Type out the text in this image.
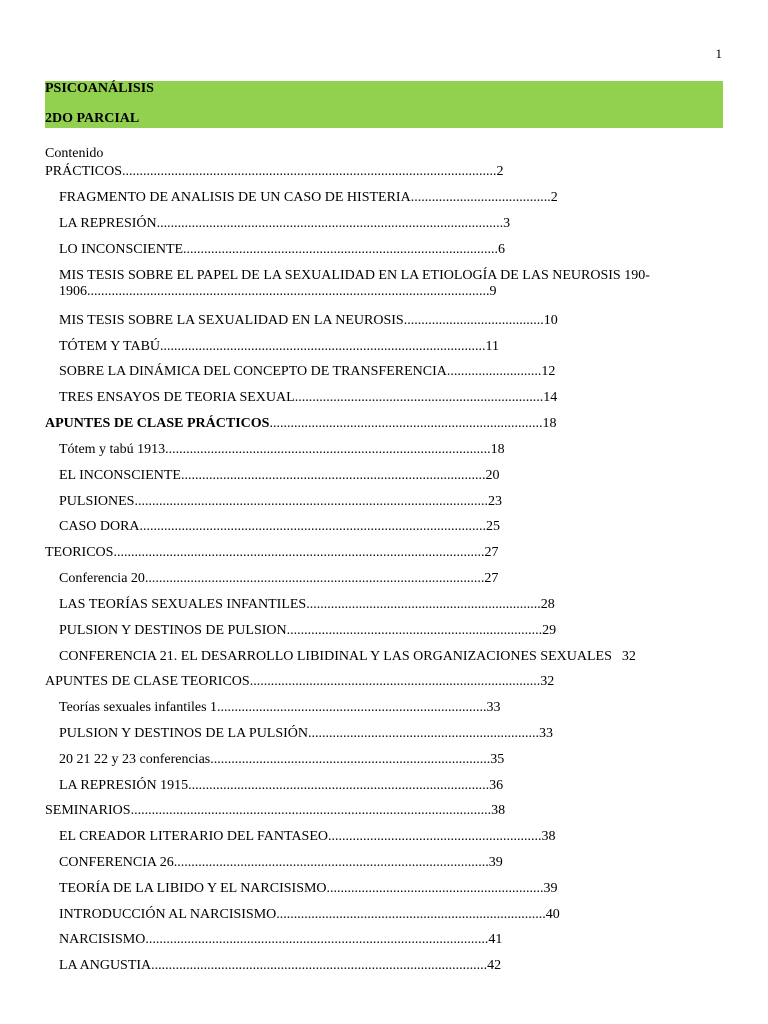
1
PSICOANÁLISIS
2DO PARCIAL
Contenido
PRÁCTICOS...........................................................................................................2
FRAGMENTO DE ANALISIS DE UN CASO DE HISTERIA........................................2
LA REPRESIÓN...................................................................................................3
LO INCONSCIENTE..........................................................................................6
MIS TESIS SOBRE EL PAPEL DE LA SEXUALIDAD EN LA ETIOLOGÍA DE LAS NEUROSIS 190-
1906...................................................................................................................9
MIS TESIS SOBRE LA SEXUALIDAD EN LA NEUROSIS........................................10
TÓTEM Y TABÚ.............................................................................................11
SOBRE LA DINÁMICA DEL CONCEPTO DE TRANSFERENCIA...........................12
TRES ENSAYOS DE TEORIA SEXUAL.......................................................................14
APUNTES DE CLASE PRÁCTICOS..............................................................................18
Tótem y tabú 1913.............................................................................................18
EL INCONSCIENTE.......................................................................................20
PULSIONES.....................................................................................................23
CASO DORA...................................................................................................25
TEORICOS..........................................................................................................27
Conferencia 20.................................................................................................27
LAS TEORÍAS SEXUALES INFANTILES...................................................................28
PULSION Y DESTINOS DE PULSION.........................................................................29
CONFERENCIA 21. EL DESARROLLO LIBIDINAL Y LAS ORGANIZACIONES SEXUALES 32
APUNTES DE CLASE TEORICOS...................................................................................32
Teorías sexuales infantiles 1.............................................................................33
PULSION Y DESTINOS DE LA PULSIÓN..................................................................33
20 21 22 y 23 conferencias................................................................................35
LA REPRESIÓN 1915......................................................................................36
SEMINARIOS.......................................................................................................38
EL CREADOR LITERARIO DEL FANTASEO.............................................................38
CONFERENCIA 26..........................................................................................39
TEORÍA DE LA LIBIDO Y EL NARCISISMO..............................................................39
INTRODUCCIÓN AL NARCISISMO.............................................................................40
NARCISISMO..................................................................................................41
LA ANGUSTIA................................................................................................42
